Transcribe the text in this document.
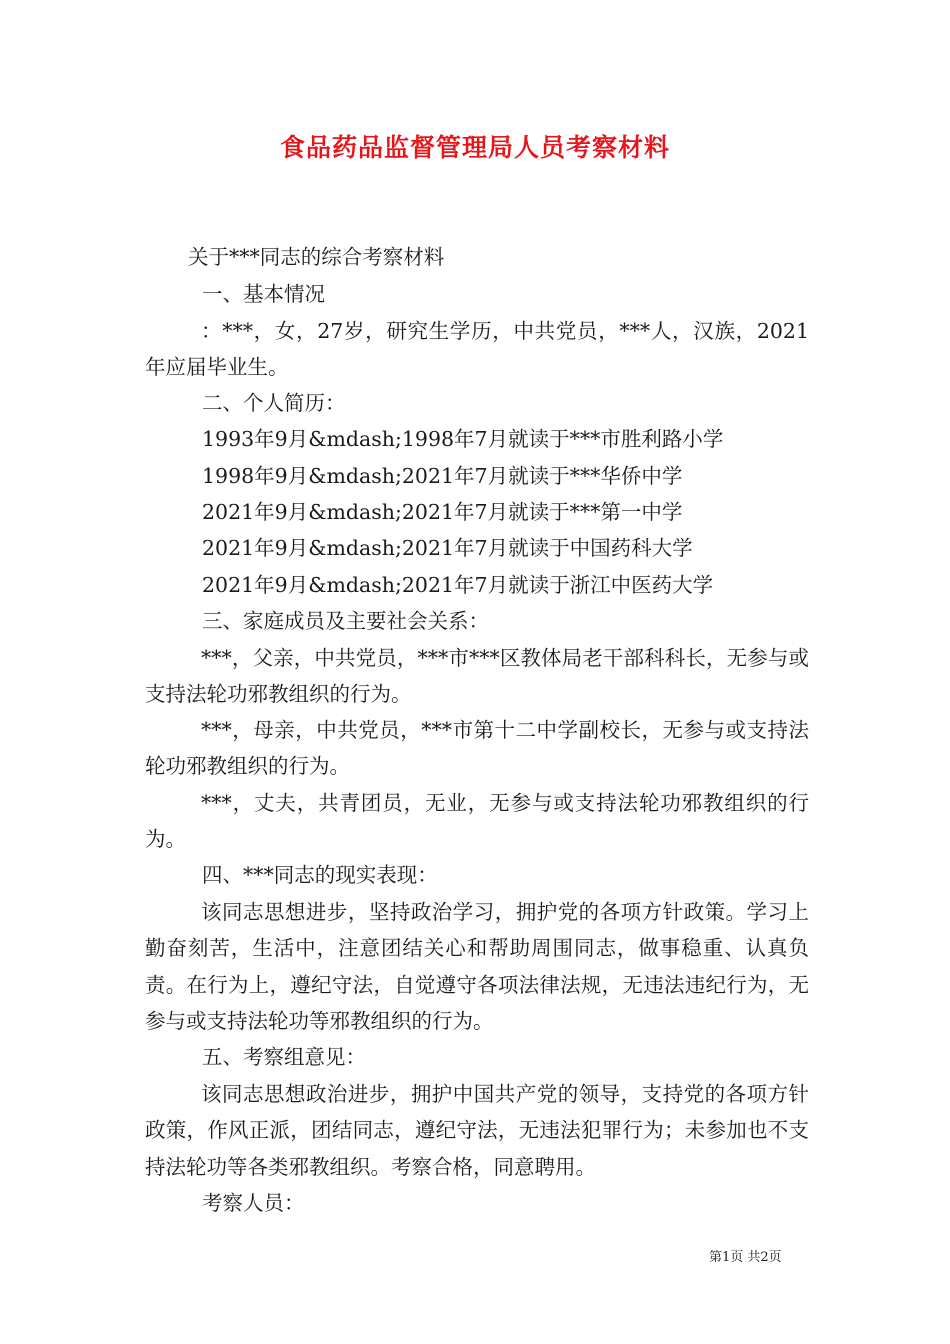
食品药品监督管理局人员考察材料

关于***同志的综合考察材料

一、基本情况

：***，女，27岁，研究生学历，中共党员，***人，汉族，2021年应届毕业生。

二、个人简历：

1993年9月&mdash;1998年7月就读于***市胜利路小学

1998年9月&mdash;2021年7月就读于***华侨中学

2021年9月&mdash;2021年7月就读于***第一中学

2021年9月&mdash;2021年7月就读于中国药科大学

2021年9月&mdash;2021年7月就读于浙江中医药大学

三、家庭成员及主要社会关系：

***，父亲，中共党员，***市***区教体局老干部科科长，无参与或支持法轮功邪教组织的行为。

***，母亲，中共党员，***市第十二中学副校长，无参与或支持法轮功邪教组织的行为。

***，丈夫，共青团员，无业，无参与或支持法轮功邪教组织的行为。

四、***同志的现实表现：

该同志思想进步，坚持政治学习，拥护党的各项方针政策。学习上勤奋刻苦，生活中，注意团结关心和帮助周围同志，做事稳重、认真负责。在行为上，遵纪守法，自觉遵守各项法律法规，无违法违纪行为，无参与或支持法轮功等邪教组织的行为。

五、考察组意见：

该同志思想政治进步，拥护中国共产党的领导，支持党的各项方针政策，作风正派，团结同志，遵纪守法，无违法犯罪行为；未参加也不支持法轮功等各类邪教组织。考察合格，同意聘用。

考察人员：

第1页 共2页
